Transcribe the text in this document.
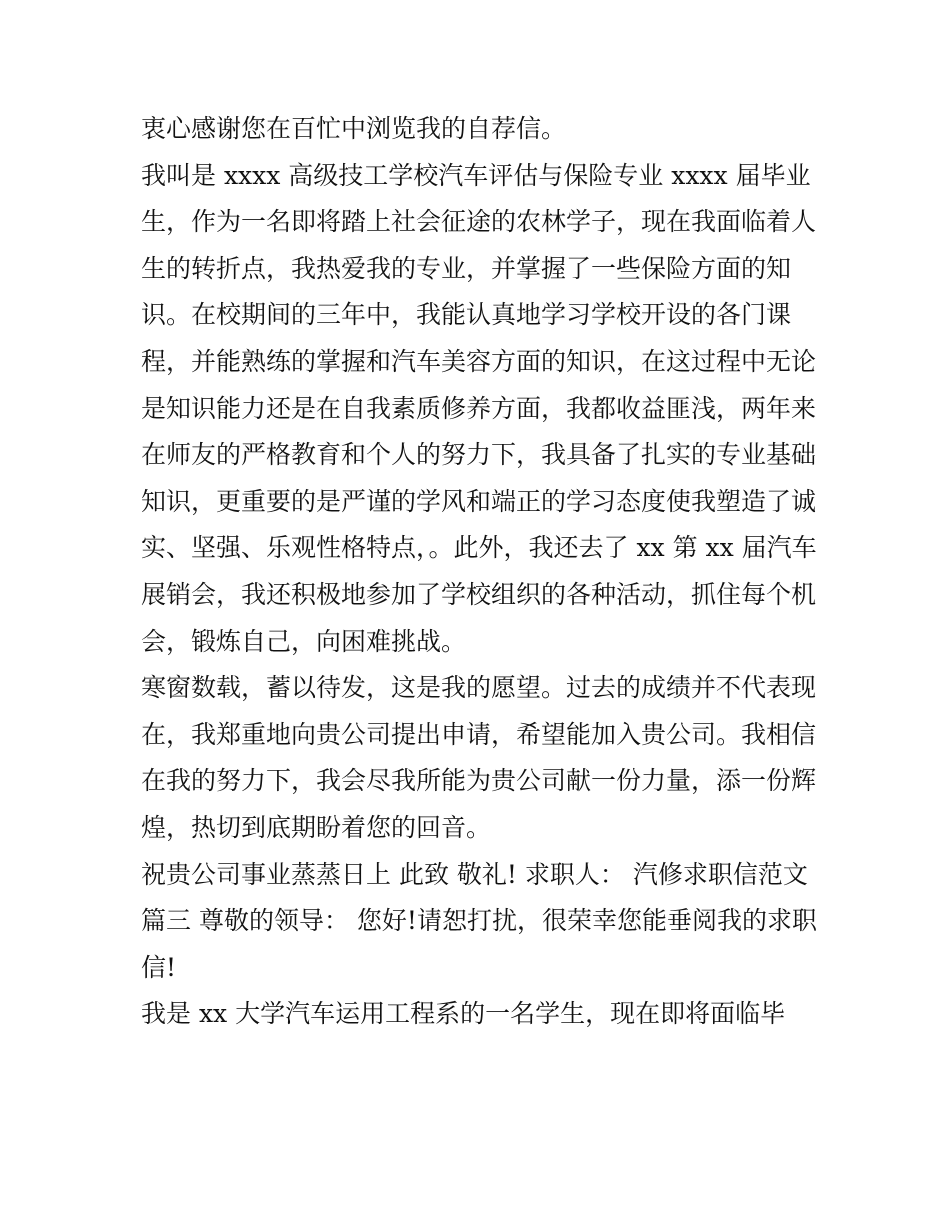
衷心感谢您在百忙中浏览我的自荐信。
我叫是 xxxx 高级技工学校汽车评估与保险专业 xxxx 届毕业
生，作为一名即将踏上社会征途的农林学子，现在我面临着人
生的转折点，我热爱我的专业，并掌握了一些保险方面的知
识。在校期间的三年中，我能认真地学习学校开设的各门课
程，并能熟练的掌握和汽车美容方面的知识，在这过程中无论
是知识能力还是在自我素质修养方面，我都收益匪浅，两年来
在师友的严格教育和个人的努力下，我具备了扎实的专业基础
知识，更重要的是严谨的学风和端正的学习态度使我塑造了诚
实、坚强、乐观性格特点，。此外，我还去了 xx 第 xx 届汽车
展销会，我还积极地参加了学校组织的各种活动，抓住每个机
会，锻炼自己，向困难挑战。
寒窗数载，蓄以待发，这是我的愿望。过去的成绩并不代表现
在，我郑重地向贵公司提出申请，希望能加入贵公司。我相信
在我的努力下，我会尽我所能为贵公司献一份力量，添一份辉
煌，热切到底期盼着您的回音。
祝贵公司事业蒸蒸日上 此致 敬礼! 求职人： 汽修求职信范文
篇三 尊敬的领导： 您好!请恕打扰，很荣幸您能垂阅我的求职
信!
我是 xx 大学汽车运用工程系的一名学生，现在即将面临毕
